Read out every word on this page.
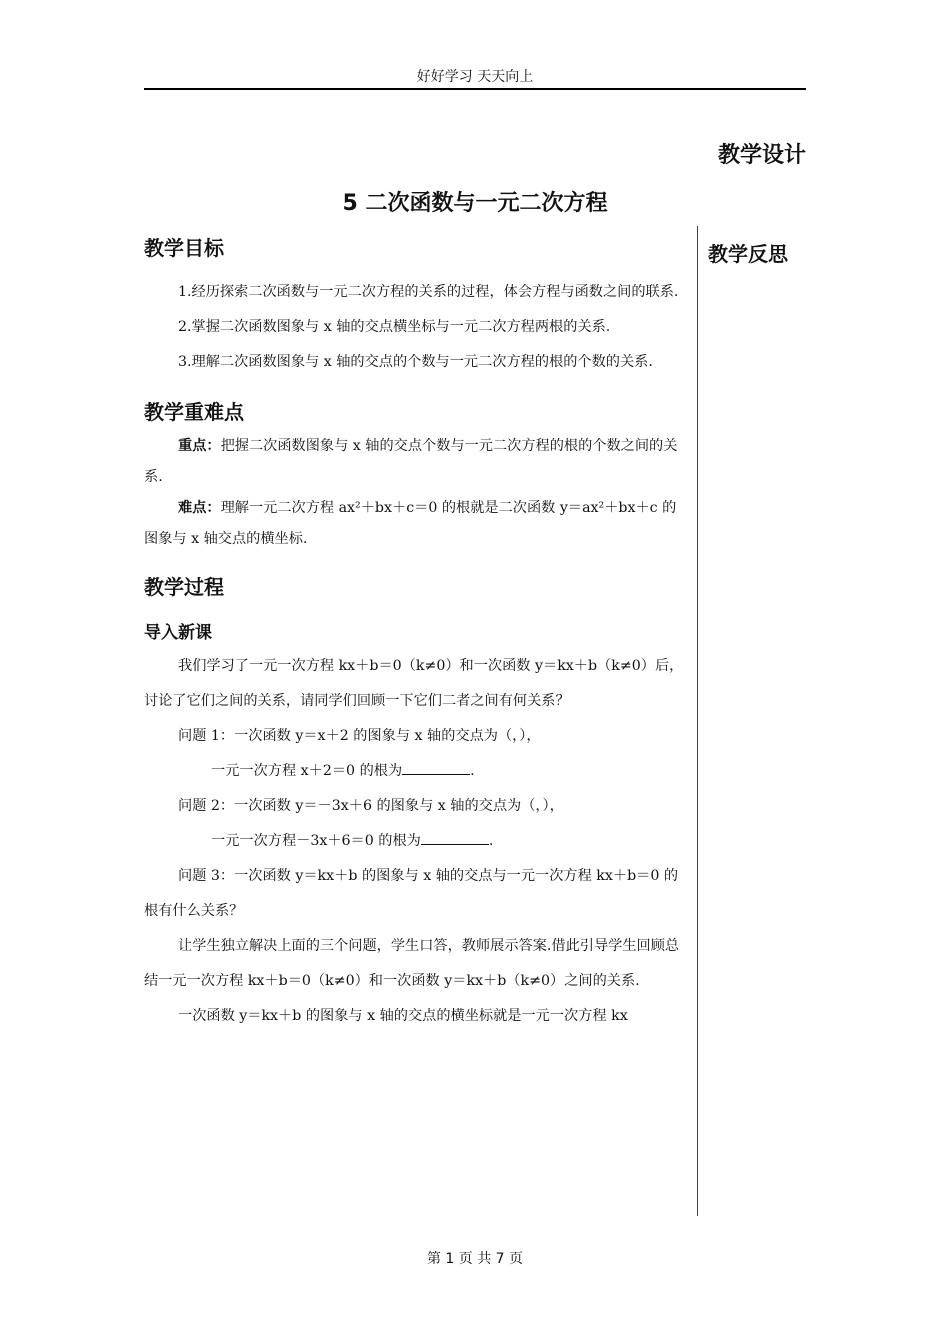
好好学习 天天向上
教学设计
5 二次函数与一元二次方程
教学反思
教学目标

1.经历探索二次函数与一元二次方程的关系的过程，体会方程与函数之间的联系.

2.掌握二次函数图象与 x 轴的交点横坐标与一元二次方程两根的关系.

3.理解二次函数图象与 x 轴的交点的个数与一元二次方程的根的个数的关系.

教学重难点

重点：把握二次函数图象与 x 轴的交点个数与一元二次方程的根的个数之间的关系.

难点：理解一元二次方程 ax²＋bx＋c＝0 的根就是二次函数 y＝ax²＋bx＋c 的图象与 x 轴交点的横坐标.

教学过程
导入新课

我们学习了一元一次方程 kx＋b＝0（k≠0）和一次函数 y＝kx＋b（k≠0）后，讨论了它们之间的关系，请同学们回顾一下它们二者之间有何关系？

问题 1：一次函数 y＝x＋2 的图象与 x 轴的交点为（，），

一元一次方程 x＋2＝0 的根为	.

问题 2：一次函数 y＝－3x＋6 的图象与 x 轴的交点为（，），

一元一次方程－3x＋6＝0 的根为	.

问题 3：一次函数 y＝kx＋b 的图象与 x 轴的交点与一元一次方程 kx＋b＝0 的根有什么关系？

让学生独立解决上面的三个问题，学生口答，教师展示答案.借此引导学生回顾总结一元一次方程 kx＋b＝0（k≠0）和一次函数 y＝kx＋b（k≠0）之间的关系.

一次函数 y＝kx＋b 的图象与 x 轴的交点的横坐标就是一元一次方程 kx

第 1 页 共 7 页
